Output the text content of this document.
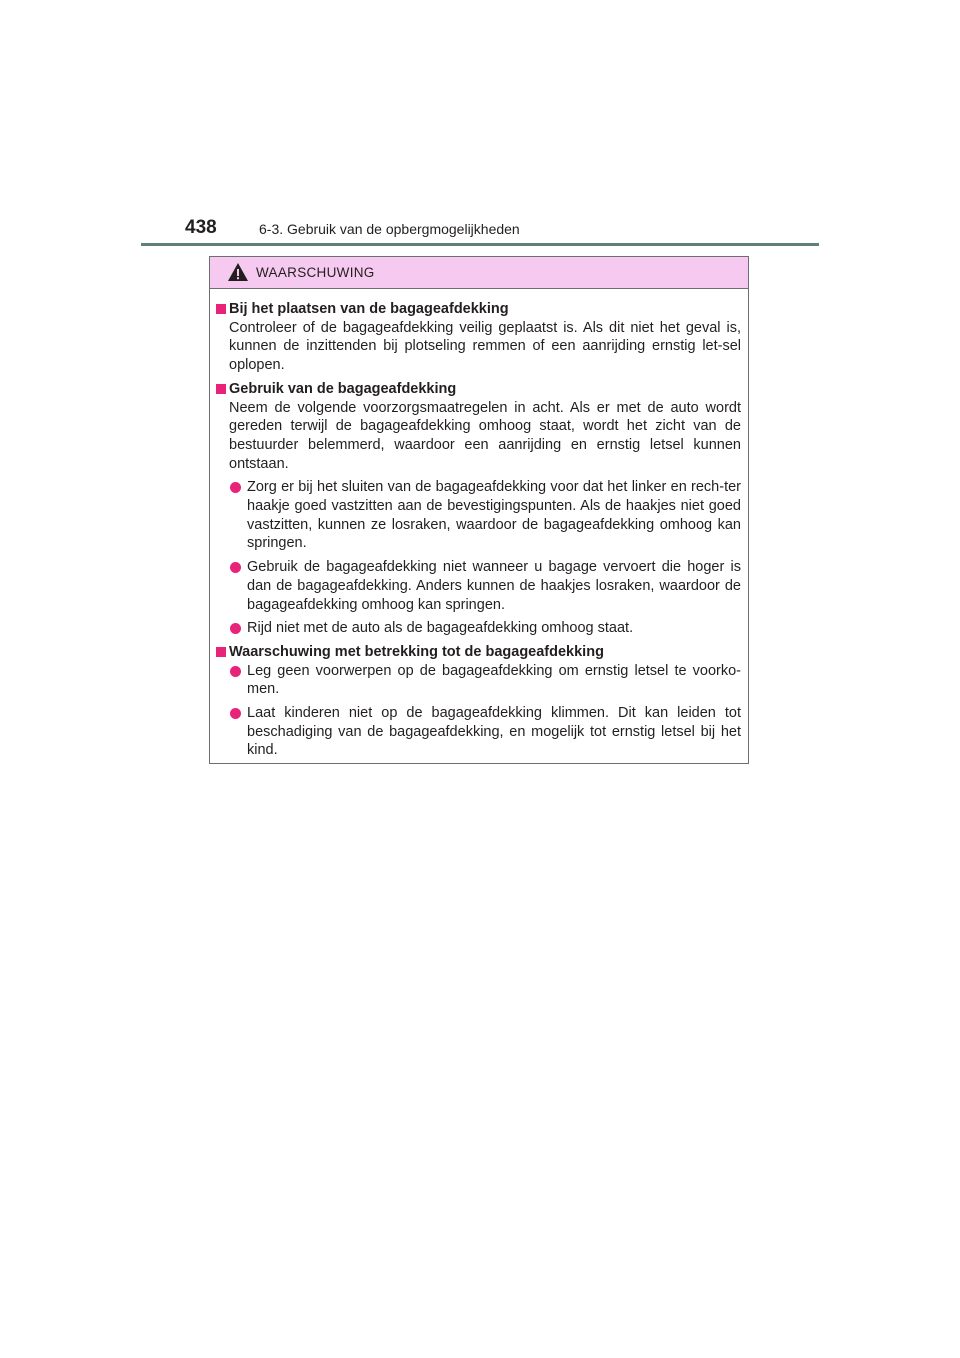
438	6-3. Gebruik van de opbergmogelijkheden
WAARSCHUWING
Bij het plaatsen van de bagageafdekking
Controleer of de bagageafdekking veilig geplaatst is. Als dit niet het geval is, kunnen de inzittenden bij plotseling remmen of een aanrijding ernstig let-sel oplopen.
Gebruik van de bagageafdekking
Neem de volgende voorzorgsmaatregelen in acht. Als er met de auto wordt gereden terwijl de bagageafdekking omhoog staat, wordt het zicht van de bestuurder belemmerd, waardoor een aanrijding en ernstig letsel kunnen ontstaan.
Zorg er bij het sluiten van de bagageafdekking voor dat het linker en rech-ter haakje goed vastzitten aan de bevestigingspunten. Als de haakjes niet goed vastzitten, kunnen ze losraken, waardoor de bagageafdekking omhoog kan springen.
Gebruik de bagageafdekking niet wanneer u bagage vervoert die hoger is dan de bagageafdekking. Anders kunnen de haakjes losraken, waardoor de bagageafdekking omhoog kan springen.
Rijd niet met de auto als de bagageafdekking omhoog staat.
Waarschuwing met betrekking tot de bagageafdekking
Leg geen voorwerpen op de bagageafdekking om ernstig letsel te voorko-men.
Laat kinderen niet op de bagageafdekking klimmen. Dit kan leiden tot beschadiging van de bagageafdekking, en mogelijk tot ernstig letsel bij het kind.
